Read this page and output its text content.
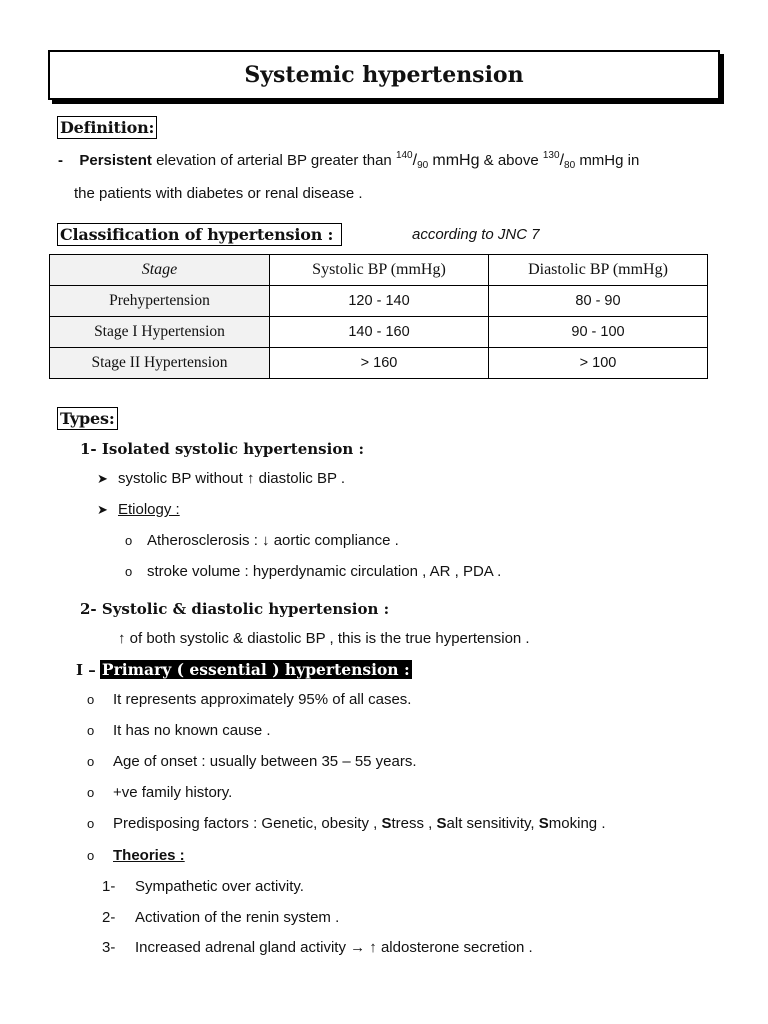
Systemic hypertension
Definition:
- Persistent elevation of arterial BP greater than $^{140}/_{90}$ mmHg & above $^{130}/_{80}$ mmHg in
the patients with diabetes or renal disease .
Classification of hypertension :	according to JNC 7
Stage	Systolic BP (mmHg)	Diastolic BP (mmHg)
Prehypertension	120 - 140	80 - 90
Stage I Hypertension	140 - 160	90 - 100
Stage II Hypertension	> 160	> 100
Types:
1- Isolated systolic hypertension :
➤ systolic BP without ↑ diastolic BP .
➤ Etiology :
o Atherosclerosis : ↓ aortic compliance .
o stroke volume : hyperdynamic circulation , AR , PDA .
2- Systolic & diastolic hypertension :
↑ of both systolic & diastolic BP , this is the true hypertension .
I – Primary ( essential ) hypertension :
o It represents approximately 95% of all cases.
o It has no known cause .
o Age of onset : usually between 35 – 55 years.
o +ve family history.
o Predisposing factors : Genetic, obesity , Stress , Salt sensitivity, Smoking .
o Theories :
1- Sympathetic over activity.
2- Activation of the renin system .
3- Increased adrenal gland activity → ↑ aldosterone secretion .
